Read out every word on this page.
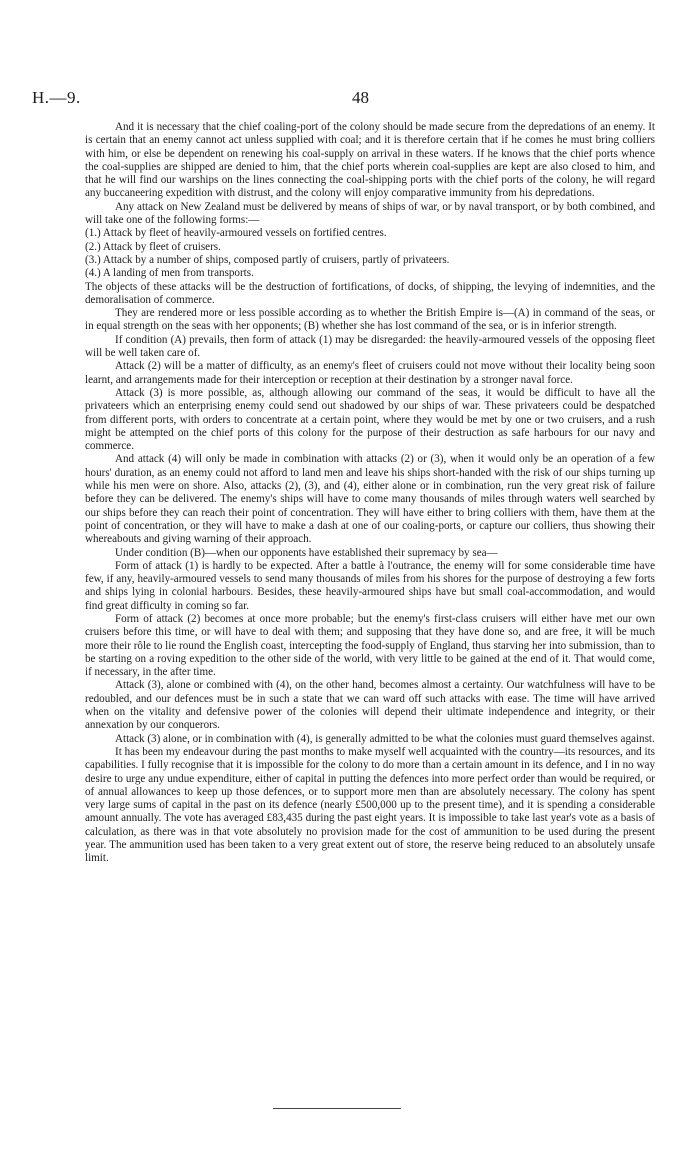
H.—9.	48

And it is necessary that the chief coaling-port of the colony should be made secure from the depredations of an enemy. It is certain that an enemy cannot act unless supplied with coal; and it is therefore certain that if he comes he must bring colliers with him, or else be dependent on renewing his coal-supply on arrival in these waters. If he knows that the chief ports whence the coal-supplies are shipped are denied to him, that the chief ports wherein coal-supplies are kept are also closed to him, and that he will find our warships on the lines connecting the coal-shipping ports with the chief ports of the colony, he will regard any buccaneering expedition with distrust, and the colony will enjoy comparative immunity from his depredations.

Any attack on New Zealand must be delivered by means of ships of war, or by naval transport, or by both combined, and will take one of the following forms:—

(1.) Attack by fleet of heavily-armoured vessels on fortified centres.

(2.) Attack by fleet of cruisers.

(3.) Attack by a number of ships, composed partly of cruisers, partly of privateers.

(4.) A landing of men from transports.

The objects of these attacks will be the destruction of fortifications, of docks, of shipping, the levying of indemnities, and the demoralisation of commerce.

They are rendered more or less possible according as to whether the British Empire is—(A) in command of the seas, or in equal strength on the seas with her opponents; (B) whether she has lost command of the sea, or is in inferior strength.

If condition (A) prevails, then form of attack (1) may be disregarded: the heavily-armoured vessels of the opposing fleet will be well taken care of.

Attack (2) will be a matter of difficulty, as an enemy's fleet of cruisers could not move without their locality being soon learnt, and arrangements made for their interception or reception at their destination by a stronger naval force.

Attack (3) is more possible, as, although allowing our command of the seas, it would be difficult to have all the privateers which an enterprising enemy could send out shadowed by our ships of war. These privateers could be despatched from different ports, with orders to concentrate at a certain point, where they would be met by one or two cruisers, and a rush might be attempted on the chief ports of this colony for the purpose of their destruction as safe harbours for our navy and commerce.

And attack (4) will only be made in combination with attacks (2) or (3), when it would only be an operation of a few hours' duration, as an enemy could not afford to land men and leave his ships short-handed with the risk of our ships turning up while his men were on shore. Also, attacks (2), (3), and (4), either alone or in combination, run the very great risk of failure before they can be delivered. The enemy's ships will have to come many thousands of miles through waters well searched by our ships before they can reach their point of concentration. They will have either to bring colliers with them, have them at the point of concentration, or they will have to make a dash at one of our coaling-ports, or capture our colliers, thus showing their whereabouts and giving warning of their approach.

Under condition (B)—when our opponents have established their supremacy by sea—

Form of attack (1) is hardly to be expected. After a battle à l'outrance, the enemy will for some considerable time have few, if any, heavily-armoured vessels to send many thousands of miles from his shores for the purpose of destroying a few forts and ships lying in colonial harbours. Besides, these heavily-armoured ships have but small coal-accommodation, and would find great difficulty in coming so far.

Form of attack (2) becomes at once more probable; but the enemy's first-class cruisers will either have met our own cruisers before this time, or will have to deal with them; and supposing that they have done so, and are free, it will be much more their rôle to lie round the English coast, intercepting the food-supply of England, thus starving her into submission, than to be starting on a roving expedition to the other side of the world, with very little to be gained at the end of it. That would come, if necessary, in the after time.

Attack (3), alone or combined with (4), on the other hand, becomes almost a certainty. Our watchfulness will have to be redoubled, and our defences must be in such a state that we can ward off such attacks with ease. The time will have arrived when on the vitality and defensive power of the colonies will depend their ultimate independence and integrity, or their annexation by our conquerors.

Attack (3) alone, or in combination with (4), is generally admitted to be what the colonies must guard themselves against.

It has been my endeavour during the past months to make myself well acquainted with the country—its resources, and its capabilities. I fully recognise that it is impossible for the colony to do more than a certain amount in its defence, and I in no way desire to urge any undue expenditure, either of capital in putting the defences into more perfect order than would be required, or of annual allowances to keep up those defences, or to support more men than are absolutely necessary. The colony has spent very large sums of capital in the past on its defence (nearly £500,000 up to the present time), and it is spending a considerable amount annually. The vote has averaged £83,435 during the past eight years. It is impossible to take last year's vote as a basis of calculation, as there was in that vote absolutely no provision made for the cost of ammunition to be used during the present year. The ammunition used has been taken to a very great extent out of store, the reserve being reduced to an absolutely unsafe limit.
